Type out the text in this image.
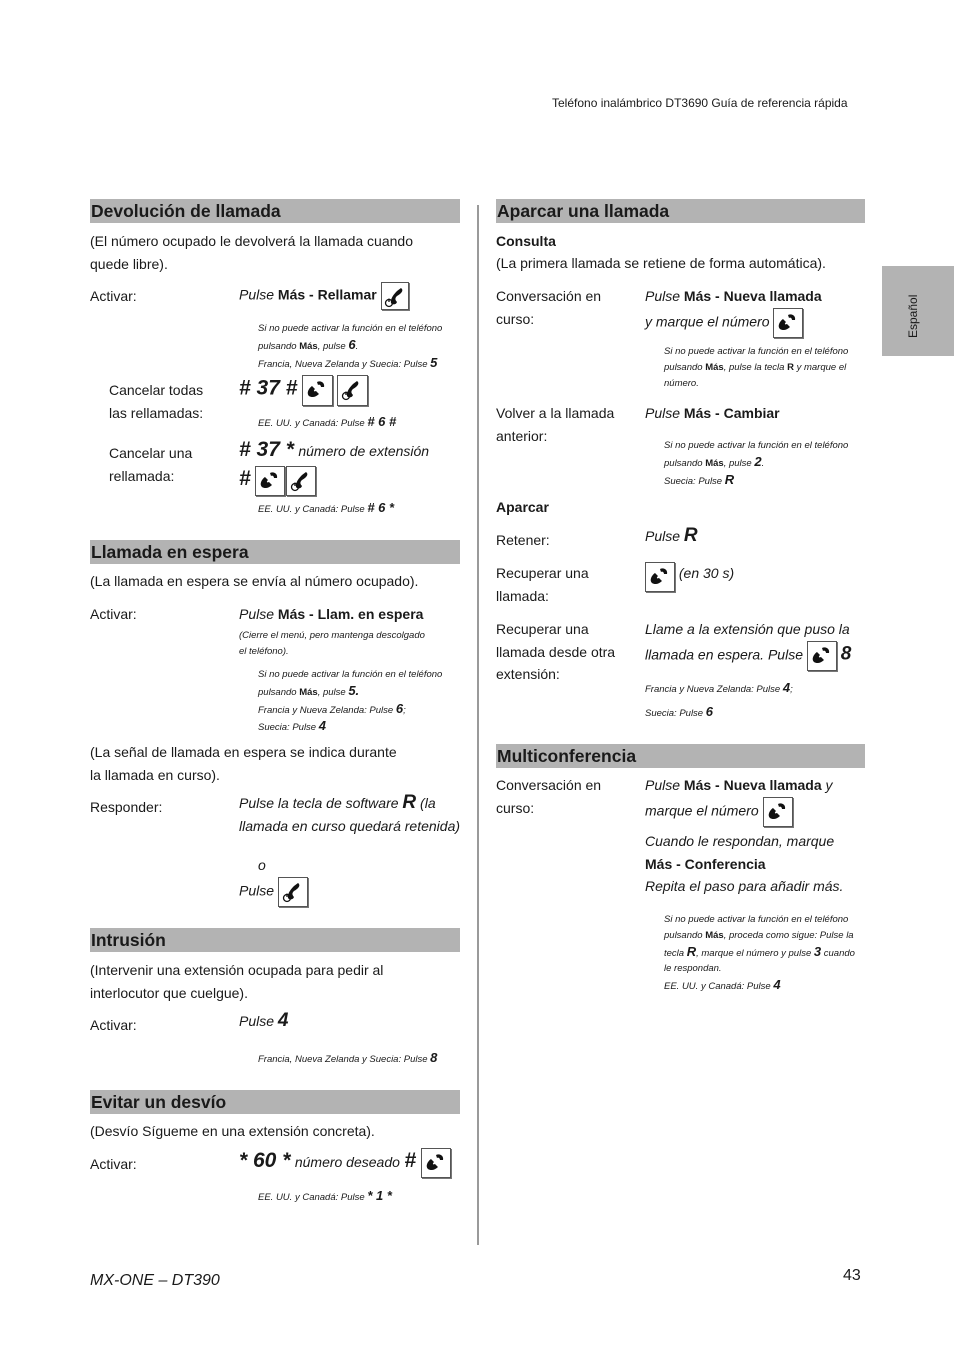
Teléfono inalámbrico DT3690 Guía de referencia rápida
Español
Devolución de llamada
(El número ocupado le devolverá la llamada cuando
quede libre).
Activar:	Pulse Más - Rellamar
Si no puede activar la función en el teléfono
pulsando Más, pulse 6.
Francia, Nueva Zelanda y Suecia: Pulse 5
Cancelar todas
las rellamadas:
# 37 #

EE. UU. y Canadá: Pulse # 6 #
Cancelar una
rellamada:
# 37 * número de extensión
#
EE. UU. y Canadá: Pulse # 6 *
Llamada en espera
(La llamada en espera se envía al número ocupado).
Activar:	Pulse Más - Llam. en espera
(Cierre el menú, pero mantenga descolgado
el teléfono).
Si no puede activar la función en el teléfono
pulsando Más, pulse 5.
Francia y Nueva Zelanda: Pulse 6;
Suecia: Pulse 4
(La señal de llamada en espera se indica durante
la llamada en curso).
Responder:	Pulse la tecla de software R (la
llamada en curso quedará retenida)
o
Pulse
Intrusión
(Intervenir una extensión ocupada para pedir al
interlocutor que cuelgue).
Activar:	Pulse 4
Francia, Nueva Zelanda y Suecia: Pulse 8
Evitar un desvío
(Desvío Sígueme en una extensión concreta).
Activar:	* 60 * número deseado #
EE. UU. y Canadá: Pulse * 1 *
Aparcar una llamada
Consulta
(La primera llamada se retiene de forma automática).
Conversación en
curso:
Pulse Más - Nueva llamada
y marque el número
Si no puede activar la función en el teléfono
pulsando Más, pulse la tecla R y marque el
número.
Volver a la llamada
anterior:
Pulse Más - Cambiar
Si no puede activar la función en el teléfono
pulsando Más, pulse 2.
Suecia: Pulse R
Aparcar
Retener:	Pulse R
Recuperar una
llamada:
(en 30 s)
Recuperar una
llamada desde otra
extensión:
Llame a la extensión que puso la
llamada en espera. Pulse 8
Francia y Nueva Zelanda: Pulse 4;
Suecia: Pulse 6
Multiconferencia
Conversación en
curso:
Pulse Más - Nueva llamada y
marque el número
Cuando le respondan, marque
Más - Conferencia
Repita el paso para añadir más.
Si no puede activar la función en el teléfono
pulsando Más, proceda como sigue: Pulse la
tecla R, marque el número y pulse 3 cuando
le respondan.
EE. UU. y Canadá: Pulse 4
MX-ONE – DT390	43
